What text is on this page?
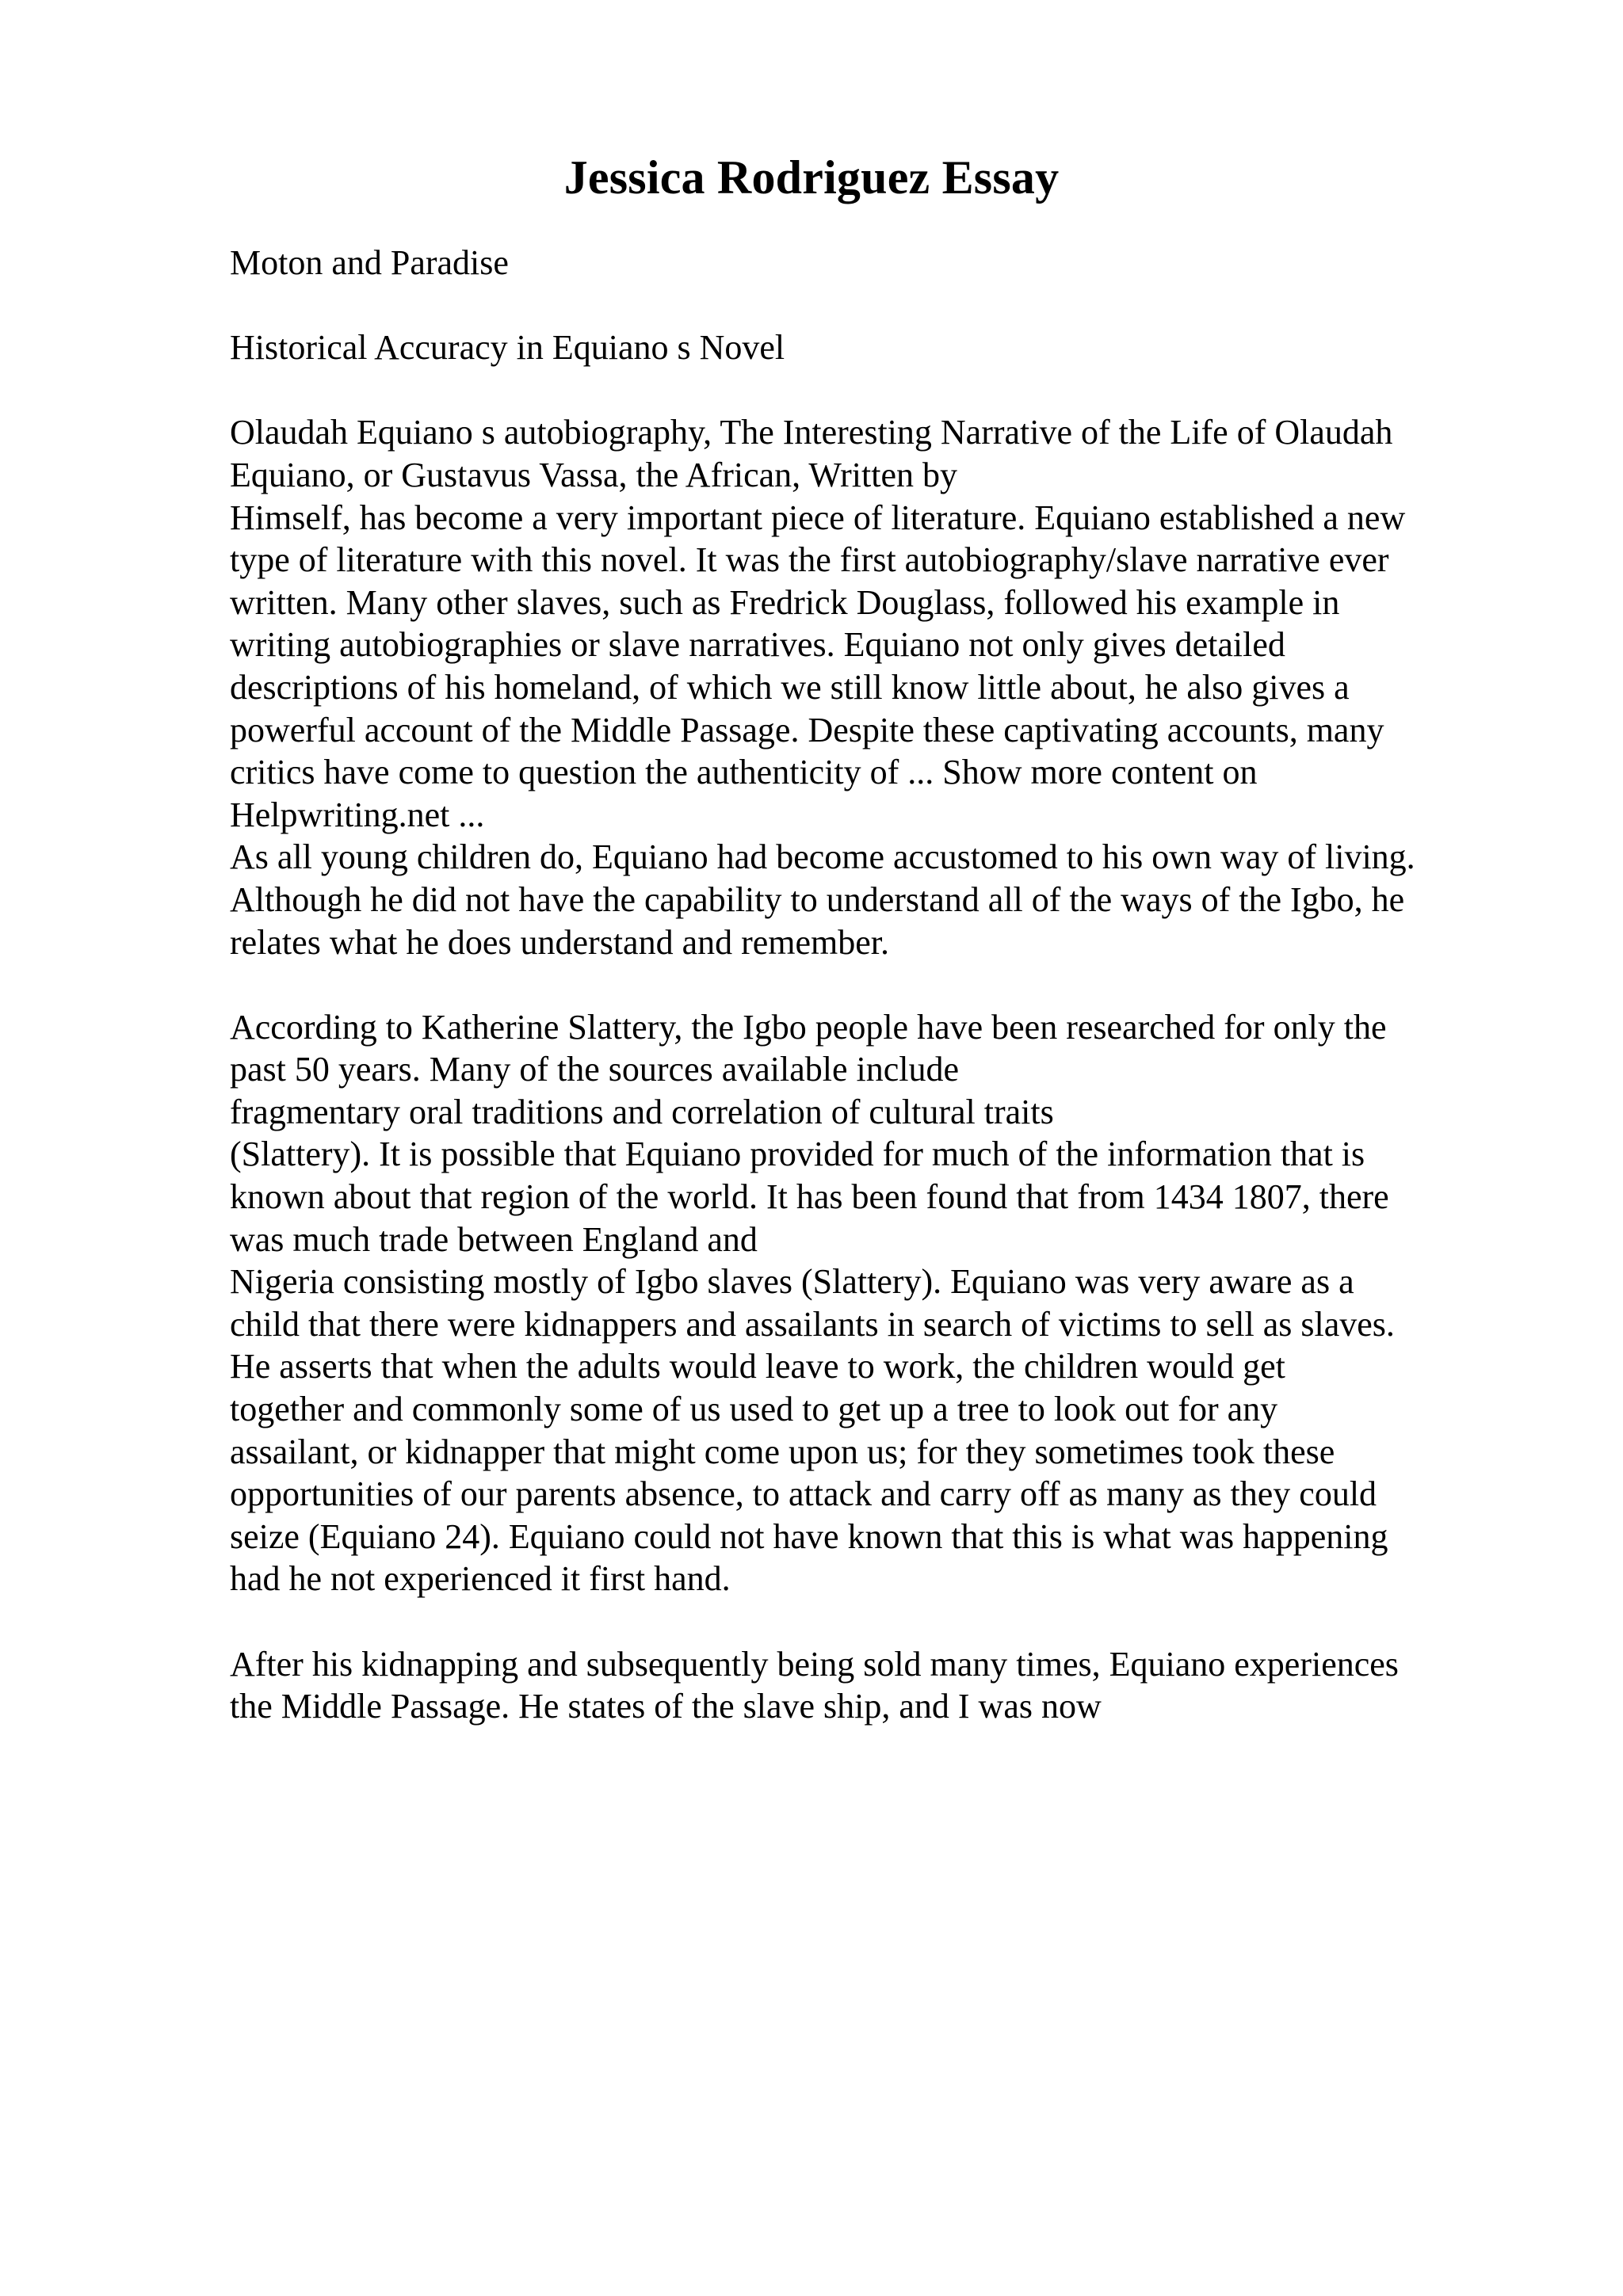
Jessica Rodriguez Essay
Moton and Paradise
Historical Accuracy in Equiano s Novel
Olaudah Equiano s autobiography, The Interesting Narrative of the Life of Olaudah
Equiano, or Gustavus Vassa, the African, Written by
Himself, has become a very important piece of literature. Equiano established a new
type of literature with this novel. It was the first autobiography/slave narrative ever
written. Many other slaves, such as Fredrick Douglass, followed his example in
writing autobiographies or slave narratives. Equiano not only gives detailed
descriptions of his homeland, of which we still know little about, he also gives a
powerful account of the Middle Passage. Despite these captivating accounts, many
critics have come to question the authenticity of ... Show more content on
Helpwriting.net ...
As all young children do, Equiano had become accustomed to his own way of living.
Although he did not have the capability to understand all of the ways of the Igbo, he
relates what he does understand and remember.
According to Katherine Slattery, the Igbo people have been researched for only the
past 50 years. Many of the sources available include
fragmentary oral traditions and correlation of cultural traits
(Slattery). It is possible that Equiano provided for much of the information that is
known about that region of the world. It has been found that from 1434 1807, there
was much trade between England and
Nigeria consisting mostly of Igbo slaves (Slattery). Equiano was very aware as a
child that there were kidnappers and assailants in search of victims to sell as slaves.
He asserts that when the adults would leave to work, the children would get
together and commonly some of us used to get up a tree to look out for any
assailant, or kidnapper that might come upon us; for they sometimes took these
opportunities of our parents absence, to attack and carry off as many as they could
seize (Equiano 24). Equiano could not have known that this is what was happening
had he not experienced it first hand.
After his kidnapping and subsequently being sold many times, Equiano experiences
the Middle Passage. He states of the slave ship, and I was now
